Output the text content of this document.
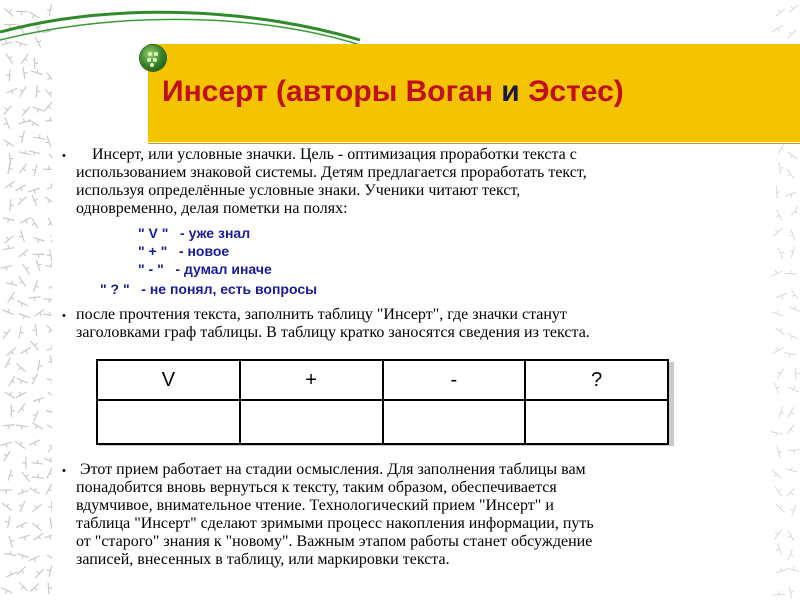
Инсерт (авторы Воган и Эстес)
• Инсерт, или условные значки. Цель - оптимизация проработки текста с
использованием знаковой системы. Детям предлагается проработать текст,
используя определённые условные знаки. Ученики читают текст,
одновременно, делая пометки на полях:
" V "   - уже знал
" + "   - новое
" - "   - думал иначе
" ? "   - не понял, есть вопросы
• после прочтения текста, заполнить таблицу "Инсерт", где значки станут
заголовками граф таблицы. В таблицу кратко заносятся сведения из текста.
V	+	-	?

• Этот прием работает на стадии осмысления. Для заполнения таблицы вам
понадобится вновь вернуться к тексту, таким образом, обеспечивается
вдумчивое, внимательное чтение. Технологический прием "Инсерт" и
таблица "Инсерт" сделают зримыми процесс накопления информации, путь
от "старого" знания к "новому". Важным этапом работы станет обсуждение
записей, внесенных в таблицу, или маркировки текста.
